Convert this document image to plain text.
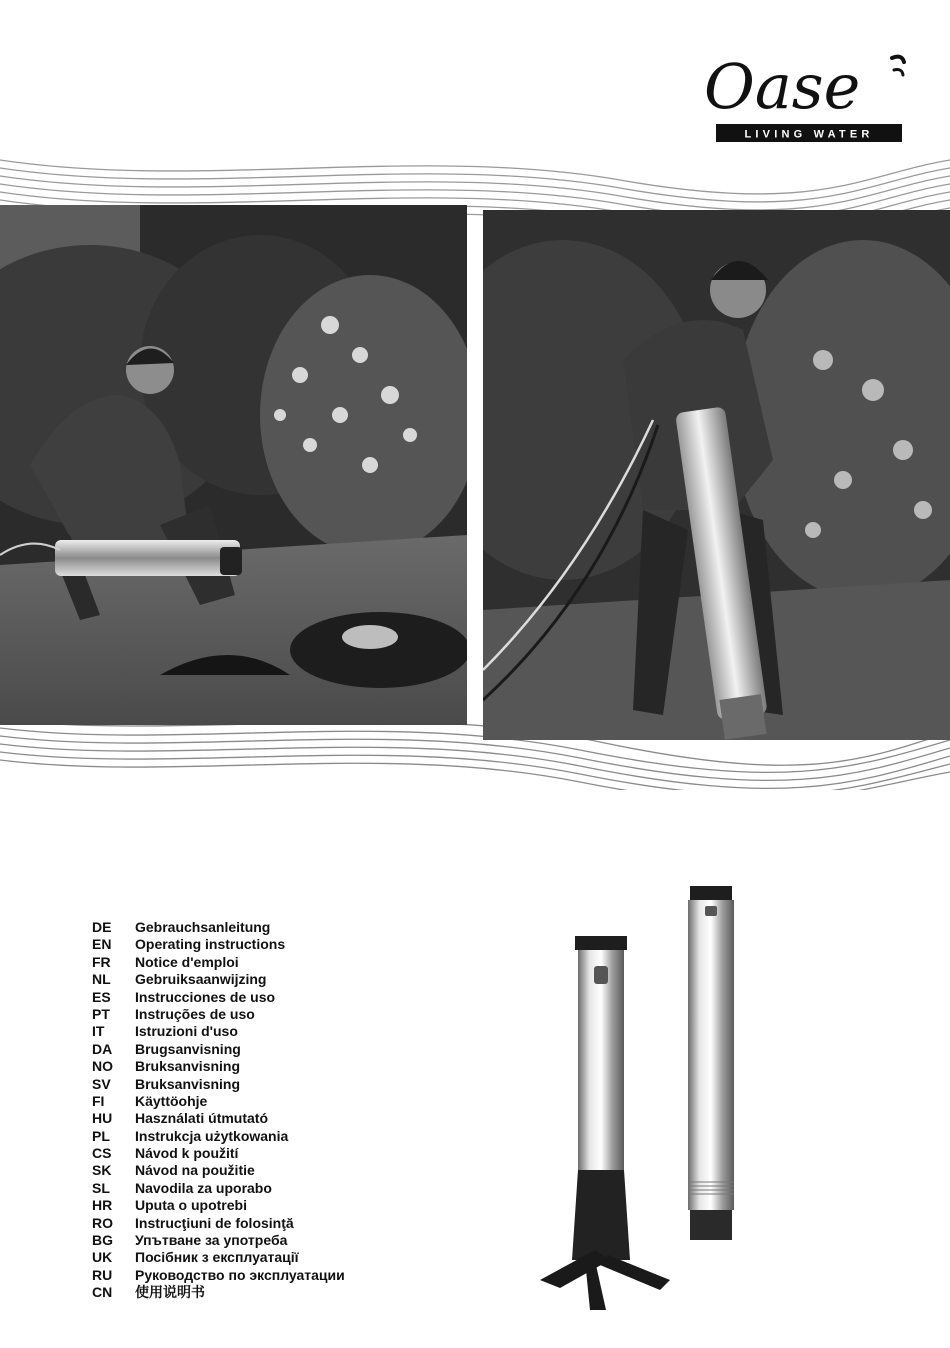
Oase
LIVING WATER
DE	Gebrauchsanleitung
EN	Operating instructions
FR	Notice d'emploi
NL	Gebruiksaanwijzing
ES	Instrucciones de uso
PT	Instruções de uso
IT	Istruzioni d'uso
DA	Brugsanvisning
NO	Bruksanvisning
SV	Bruksanvisning
FI	Käyttöohje
HU	Használati útmutató
PL	Instrukcja użytkowania
CS	Návod k použití
SK	Návod na použitie
SL	Navodila za uporabo
HR	Uputa o upotrebi
RO	Instrucţiuni de folosinţă
BG	Упътване за употреба
UK	Посібник з експлуатації
RU	Руководство по эксплуатации
CN	使用说明书
